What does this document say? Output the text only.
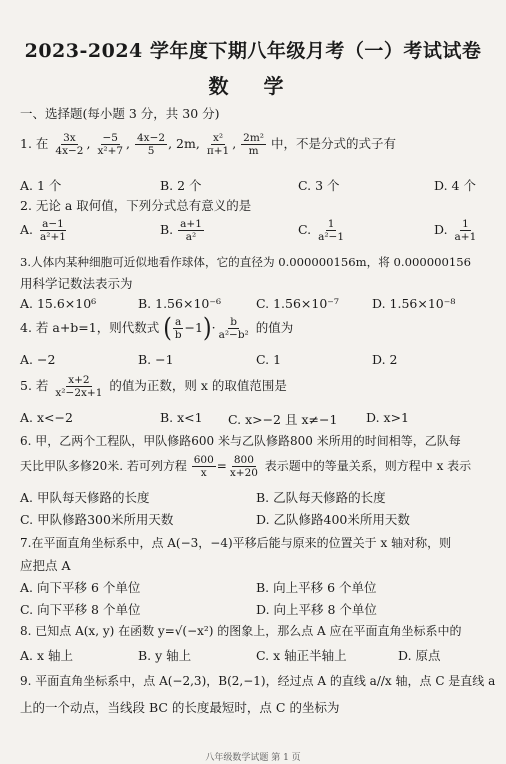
2023-2024 学年度下期八年级月考（一）考试试卷
数 学
一、选择题(每小题 3 分，共 30 分)
1. 在 $\frac{3x}{4x-2}$ , $\frac{-5}{\text{x²+7}}$ , $\frac{4x-2}{5}$ , 2m, $\frac{\text{x²}}{\pi+1}$ , $\frac{\text{2m²}}{m}$ 中，不是分式的式子有
A. 1 个	B. 2 个	C. 3 个	D. 4 个
2. 无论 a 取何值，下列分式总有意义的是
A. $\frac{a-1}{\text{a²+1}}$	B. $\frac{a+1}{\text{a²}}$	C. $\frac{1}{\text{a²−1}}$	D. $\frac{1}{a+1}$
3.人体内某种细胞可近似地看作球体，它的直径为 0.000000156m，将 0.000000156
用科学记数法表示为
A. 15.6×10⁶	B. 1.56×10⁻⁶	C. 1.56×10⁻⁷	D. 1.56×10⁻⁸
4. 若 a+b=1，则代数式 ( $\frac{a}{b} -1)\cdot \frac{b}{\text{a²−b²}}$ 的值为
A. −2	B. −1	C. 1	D. 2
5. 若 $\frac{x+2}{\text{x²−2x+1}}$ 的值为正数，则 x 的取值范围是
A. x<−2	B. x<1 C. x>−2 且 x≠−1 D. x>1
6. 甲，乙两个工程队，甲队修路600 米与乙队修路800 米所用的时间相等，乙队每
天比甲队多修20米. 若可列方程 $\frac{600}{x} = \frac{800}{x+20}$ 表示题中的等量关系，则方程中 x 表示
A. 甲队每天修路的长度	B. 乙队每天修路的长度
C. 甲队修路300米所用天数	D. 乙队修路400米所用天数
7.在平面直角坐标系中，点 A(−3，−4)平移后能与原来的位置关于 x 轴对称，则
应把点 A
A. 向下平移 6 个单位	B. 向上平移 6 个单位
C. 向下平移 8 个单位	D. 向上平移 8 个单位
8. 已知点 A(x, y) 在函数 y=√(−x²) 的图象上，那么点 A 应在平面直角坐标系中的
A. x 轴上	B. y 轴上	C. x 轴正半轴上	D. 原点
9. 平面直角坐标系中，点 A(−2,3)，B(2,−1)，经过点 A 的直线 a//x 轴，点 C 是直线 a
上的一个动点，当线段 BC 的长度最短时，点 C 的坐标为
八年级数学试题 第 1 页
